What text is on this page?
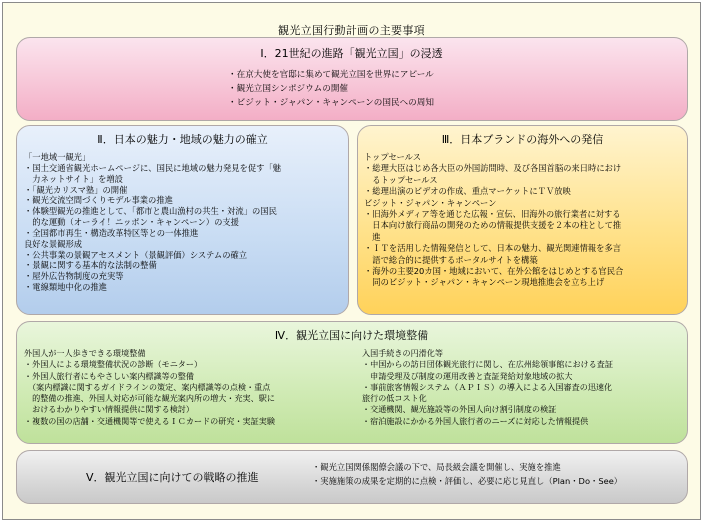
観光立国行動計画の主要事項
Ⅰ．21世紀の進路「観光立国」の浸透
・在京大使を官邸に集めて観光立国を世界にアピール
・観光立国シンポジウムの開催
・ビジット・ジャパン・キャンペーンの国民への周知
Ⅱ．日本の魅力・地域の魅力の確立
「一地域一観光」
・国土交通省観光ホームページに、国民に地域の魅力発見を促す「魅
　力ネットサイト」を増設
・「観光カリスマ塾」の開催
・観光交流空間づくりモデル事業の推進
・体験型観光の推進として、「都市と農山漁村の共生・対流」の国民
　的な運動（オーライ！ニッポン・キャンペーン）の支援
・全国都市再生・構造改革特区等との一体推進
良好な景観形成
・公共事業の景観アセスメント（景観評価）システムの確立
・景観に関する基本的な法制の整備
・屋外広告物制度の充実等
・電線類地中化の推進
Ⅲ．日本ブランドの海外への発信
トップセールス
・総理大臣はじめ各大臣の外国訪問時、及び各国首脳の来日時におけ
　るトップセールス
・総理出演のビデオの作成、重点マーケットにＴＶ放映
ビジット・ジャパン・キャンペーン
・旧海外メディア等を通じた広報・宣伝、旧海外の旅行業者に対する
　日本向け旅行商品の開発のための情報提供支援を２本の柱として推
　進
・ＩＴを活用した情報発信として、日本の魅力、観光関連情報を多言
　語で総合的に提供するポータルサイトを構築
・海外の主要20カ国・地域において、在外公館をはじめとする官民合
　同のビジット・ジャパン・キャンペーン現地推進会を立ち上げ
Ⅳ．観光立国に向けた環境整備
外国人が一人歩きできる環境整備
・外国人による環境整備状況の診断（モニター）
・外国人旅行者にもやさしい案内標識等の整備
　（案内標識に関するガイドラインの策定、案内標識等の点検・重点
　的整備の推進、外国人対応が可能な観光案内所の増大・充実、駅に
　おけるわかりやすい情報提供に関する検討）
・複数の国の店舗・交通機関等で使えるＩＣカードの研究・実証実験
入国手続きの円滑化等
・中国からの訪日団体観光旅行に関し、在広州総領事館における査証
　申請受理及び制度の運用改善と査証発給対象地域の拡大
・事前旅客情報システム（ＡＰＩＳ）の導入による入国審査の迅速化
旅行の低コスト化
・交通機関、観光施設等の外国人向け割引制度の検証
・宿泊施設にかかる外国人旅行者のニーズに対応した情報提供
Ⅴ．観光立国に向けての戦略の推進
・観光立国関係閣僚会議の下で、局長級会議を開催し、実施を推進
・実施施策の成果を定期的に点検・評価し、必要に応じ見直し（Plan・Do・See）
